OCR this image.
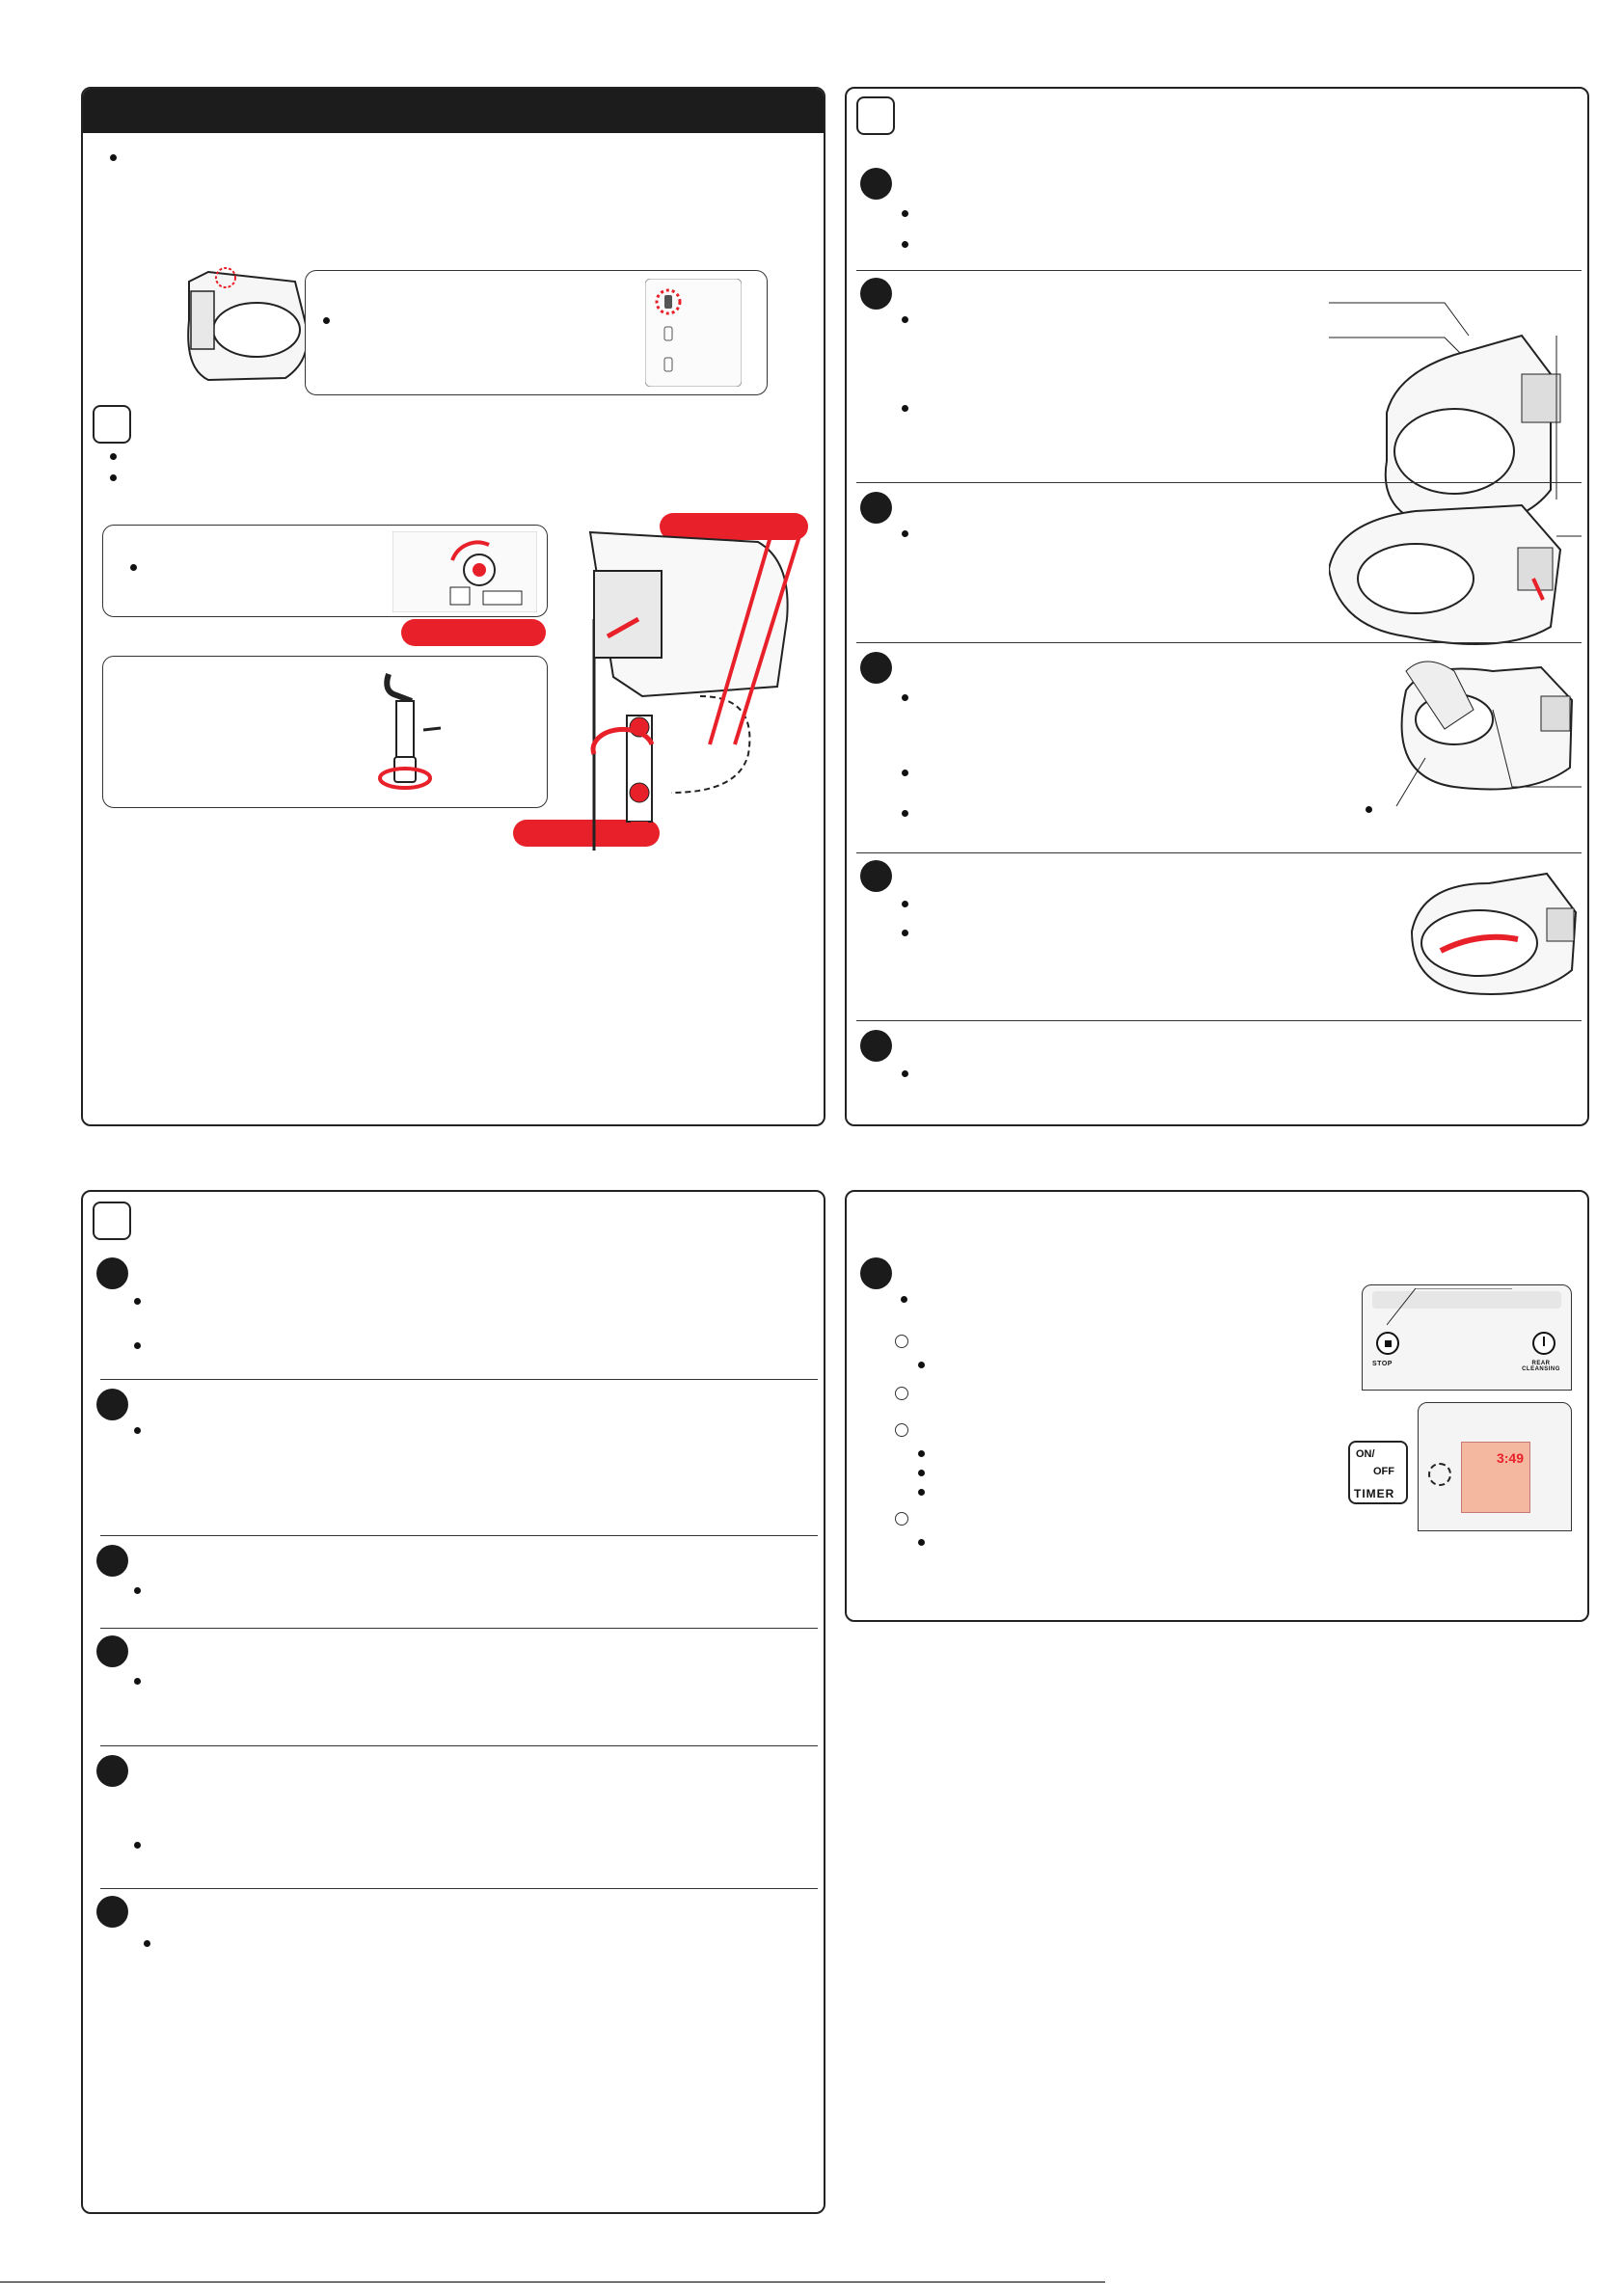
STOP	REAR CLEANSING
3:49
ON/
OFF
TIMER
